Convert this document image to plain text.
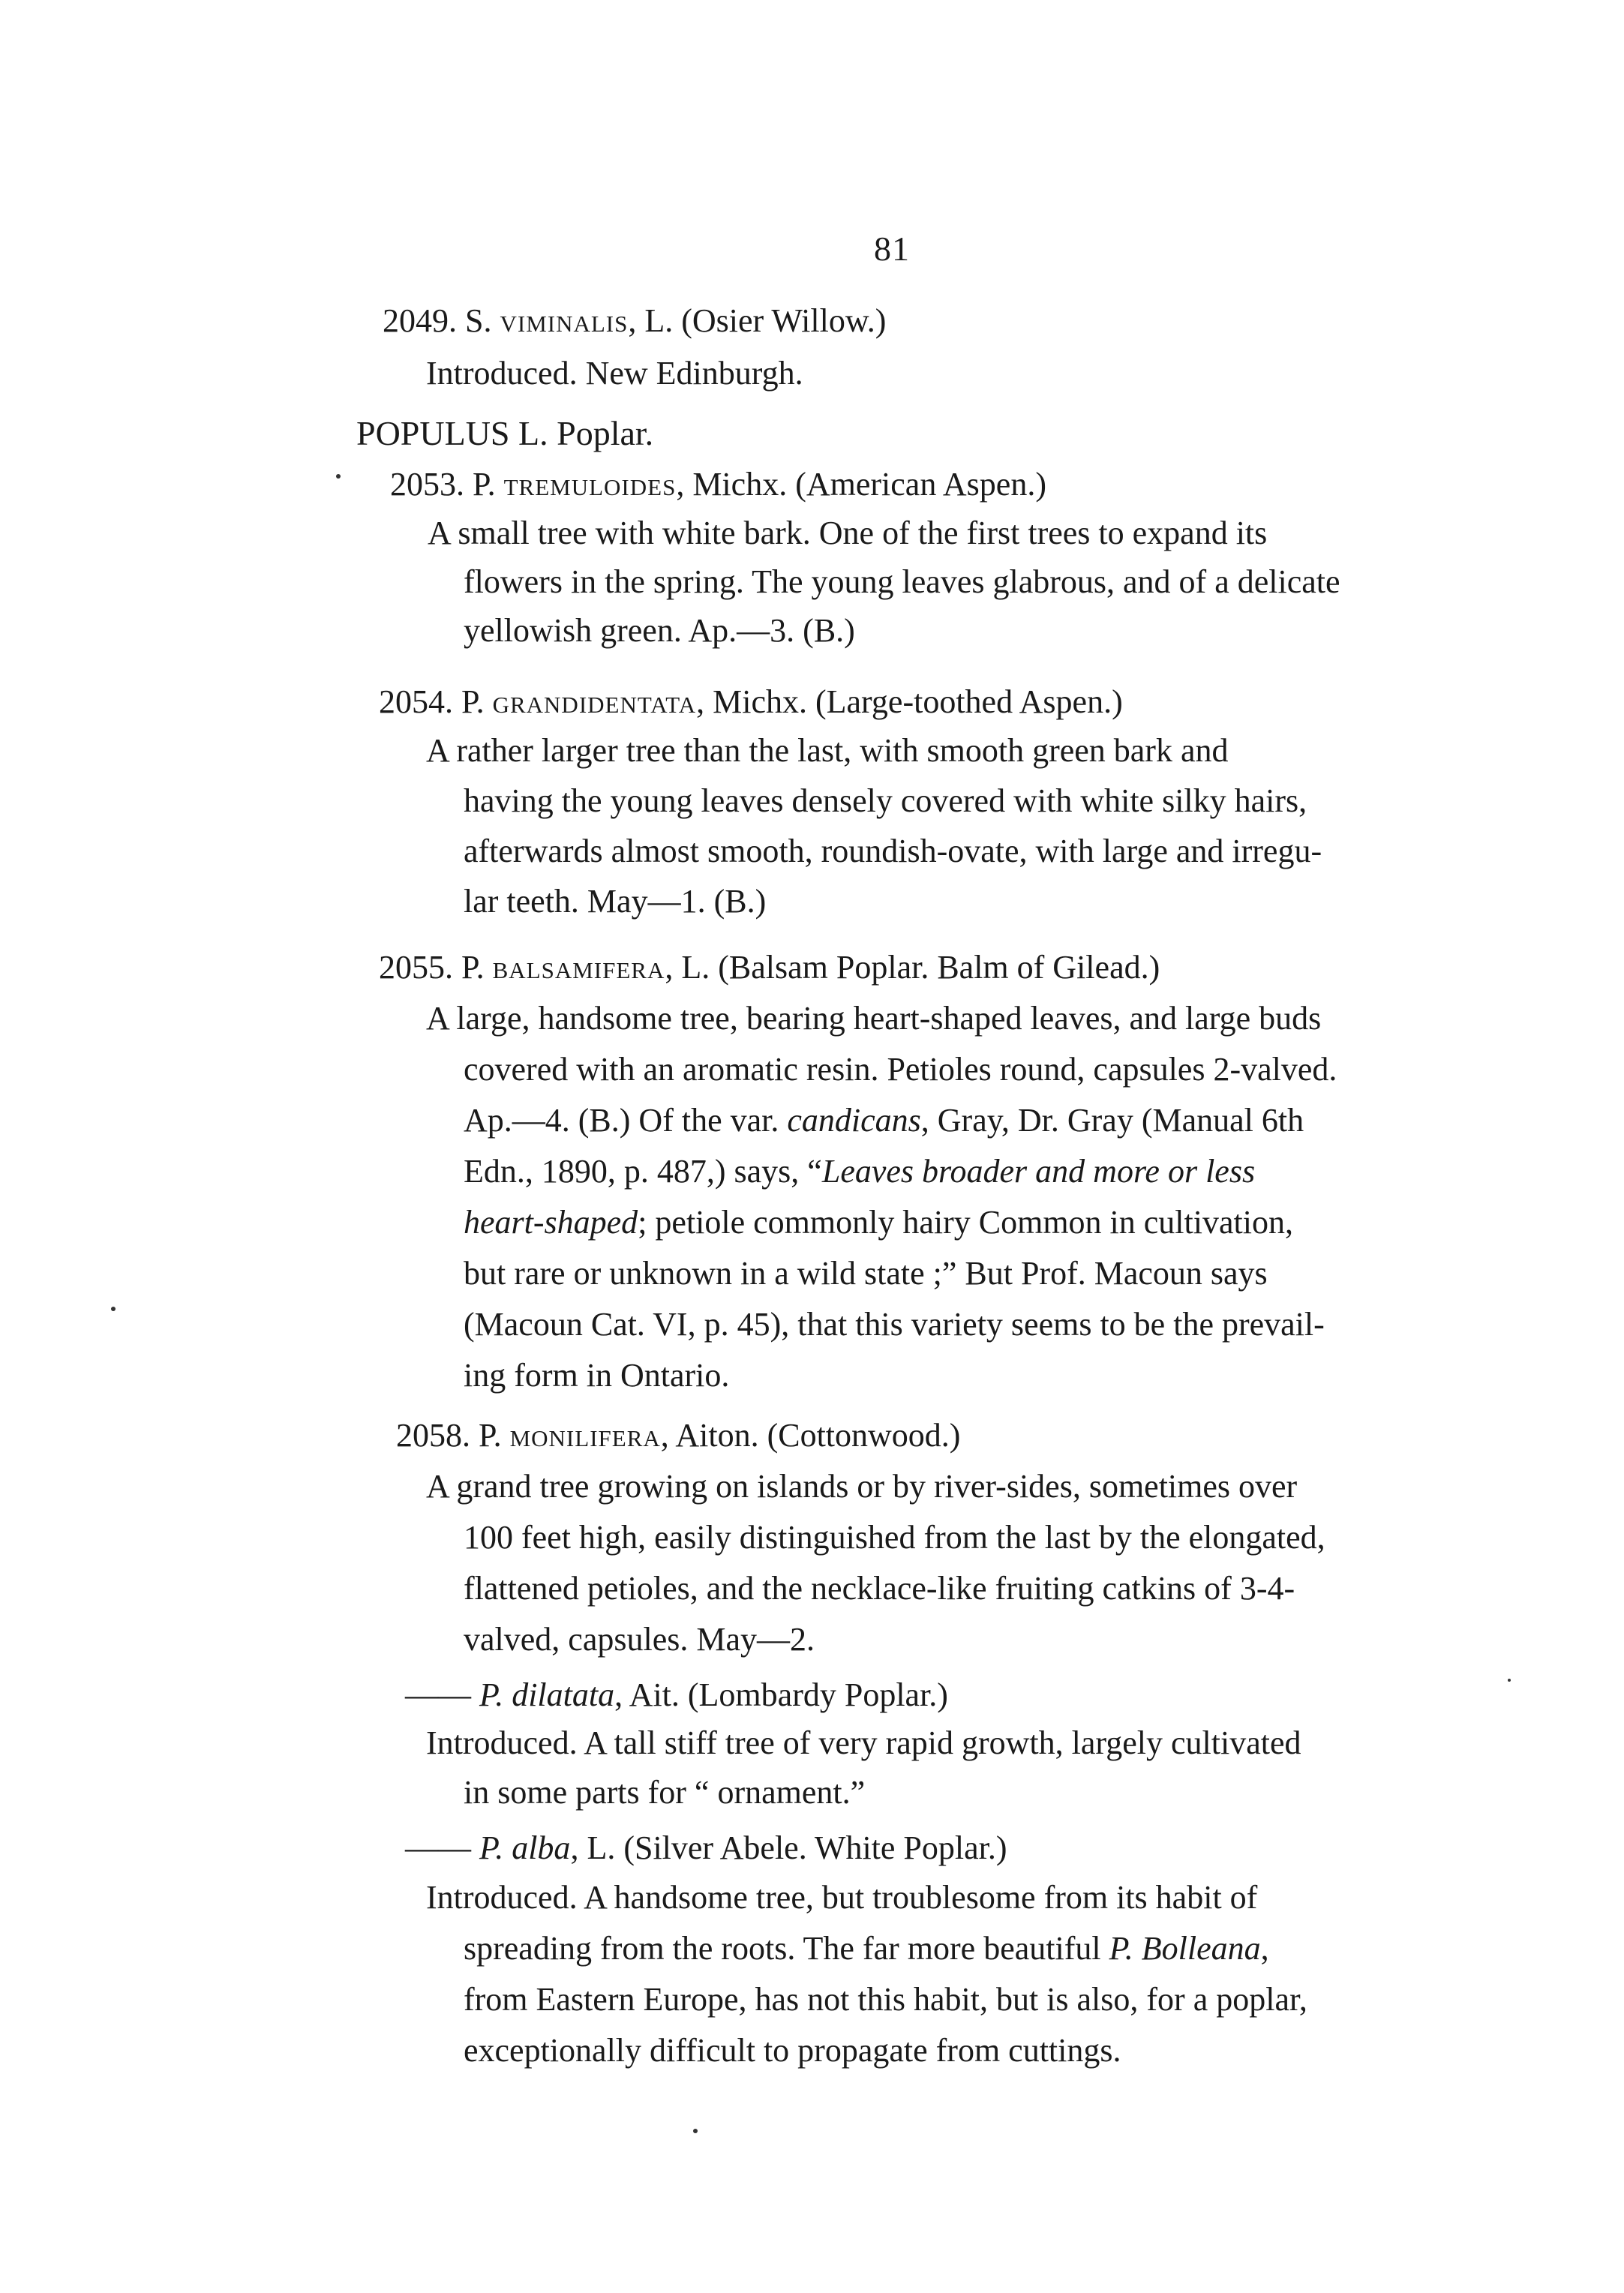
81
2049. S. viminalis, L. (Osier Willow.)
Introduced. New Edinburgh.
POPULUS L. Poplar.
2053. P. tremuloides, Michx. (American Aspen.)
A small tree with white bark. One of the first trees to expand its
flowers in the spring. The young leaves glabrous, and of a delicate
yellowish green. Ap.—3. (B.)
2054. P. grandidentata, Michx. (Large-toothed Aspen.)
A rather larger tree than the last, with smooth green bark and
having the young leaves densely covered with white silky hairs,
afterwards almost smooth, roundish-ovate, with large and irregu-
lar teeth. May—1. (B.)
2055. P. balsamifera, L. (Balsam Poplar. Balm of Gilead.)
A large, handsome tree, bearing heart-shaped leaves, and large buds
covered with an aromatic resin. Petioles round, capsules 2-valved.
Ap.—4. (B.) Of the var. candicans, Gray, Dr. Gray (Manual 6th
Edn., 1890, p. 487,) says, “Leaves broader and more or less
heart-shaped; petiole commonly hairy Common in cultivation,
but rare or unknown in a wild state ;” But Prof. Macoun says
(Macoun Cat. VI, p. 45), that this variety seems to be the prevail-
ing form in Ontario.
2058. P. monilifera, Aiton. (Cottonwood.)
A grand tree growing on islands or by river-sides, sometimes over
100 feet high, easily distinguished from the last by the elongated,
flattened petioles, and the necklace-like fruiting catkins of 3-4-
valved, capsules. May—2.
—— P. dilatata, Ait. (Lombardy Poplar.)
Introduced. A tall stiff tree of very rapid growth, largely cultivated
in some parts for “ ornament.”
—— P. alba, L. (Silver Abele. White Poplar.)
Introduced. A handsome tree, but troublesome from its habit of
spreading from the roots. The far more beautiful P. Bolleana,
from Eastern Europe, has not this habit, but is also, for a poplar,
exceptionally difficult to propagate from cuttings.
